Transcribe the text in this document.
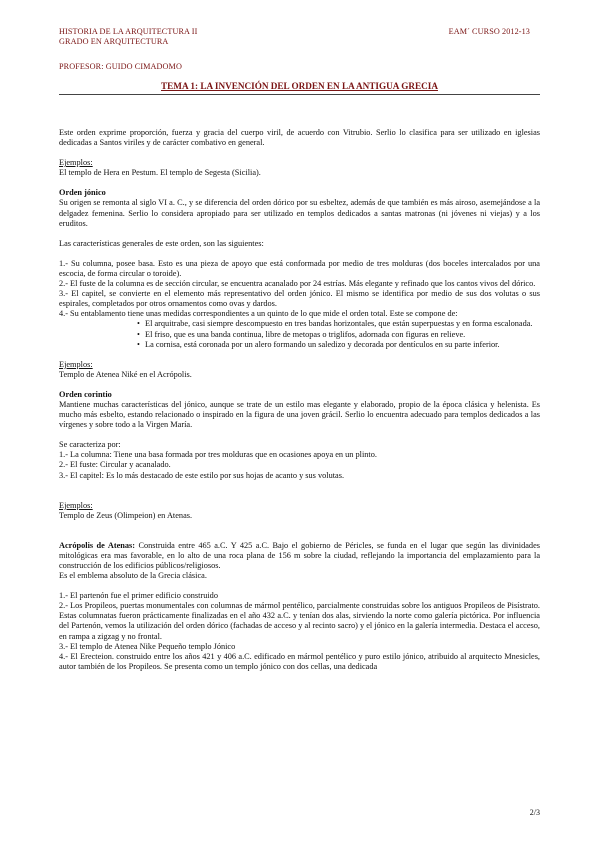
HISTORIA DE LA ARQUITECTURA II
GRADO EN ARQUITECTURA
EAM´ CURSO 2012-13
PROFESOR: GUIDO CIMADOMO
TEMA 1: LA INVENCIÓN DEL ORDEN EN LA ANTIGUA GRECIA

Este orden exprime proporción, fuerza y gracia del cuerpo viril, de acuerdo con Vitrubio. Serlio lo clasifica para ser utilizado en iglesias dedicadas a Santos viriles y de carácter combativo en general.

Ejemplos:

El templo de Hera en Pestum. El templo de Segesta (Sicilia).

Orden jónico

Su origen se remonta al siglo VI a. C., y se diferencia del orden dórico por su esbeltez, además de que también es más airoso, asemejándose a la delgadez femenina. Serlio lo considera apropiado para ser utilizado en templos dedicados a santas matronas (ni jóvenes ni viejas) y a los eruditos.

Las características generales de este orden, son las siguientes:

1.- Su columna, posee basa. Esto es una pieza de apoyo que está conformada por medio de tres molduras (dos boceles intercalados por una escocia, de forma circular o toroide).

2.- El fuste de la columna es de sección circular, se encuentra acanalado por 24 estrías. Más elegante y refinado que los cantos vivos del dórico.

3.- El capitel, se convierte en el elemento más representativo del orden jónico. El mismo se identifica por medio de sus dos volutas o sus espirales, completados por otros ornamentos como ovas y dardos.

4.- Su entablamento tiene unas medidas correspondientes a un quinto de lo que mide el orden total. Este se compone de:

• El arquitrabe, casi siempre descompuesto en tres bandas horizontales, que están superpuestas y en forma escalonada.
• El friso, que es una banda continua, libre de metopas o triglifos, adornada con figuras en relieve.
• La cornisa, está coronada por un alero formando un saledizo y decorada por dentículos en su parte inferior.

Ejemplos:

Templo de Atenea Niké en el Acrópolis.

Orden corintio

Mantiene muchas características del jónico, aunque se trate de un estilo mas elegante y elaborado, propio de la época clásica y helenista. Es mucho más esbelto, estando relacionado o inspirado en la figura de una joven grácil. Serlio lo encuentra adecuado para templos dedicados a las vírgenes y sobre todo a la Virgen María.

Se caracteriza por:

1.- La columna: Tiene una basa formada por tres molduras que en ocasiones apoya en un plinto.

2.- El fuste: Circular y acanalado.

3.- El capitel: Es lo más destacado de este estilo por sus hojas de acanto y sus volutas.

Ejemplos:

Templo de Zeus (Olimpeion) en Atenas.

Acrópolis de Atenas: Construida entre 465 a.C. Y 425 a.C. Bajo el gobierno de Péricles, se funda en el lugar que según las divinidades mitológicas era mas favorable, en lo alto de una roca plana de 156 m sobre la ciudad, reflejando la importancia del emplazamiento para la construcción de los edificios públicos/religiosos.

Es el emblema absoluto de la Grecia clásica.

1.- El partenón fue el primer edificio construido

2.- Los Propileos, puertas monumentales con columnas de mármol pentélico, parcialmente construidas sobre los antiguos Propileos de Pisístrato. Estas columnatas fueron prácticamente finalizadas en el año 432 a.C. y tenían dos alas, sirviendo la norte como galería pictórica. Por influencia del Partenón, vemos la utilización del orden dórico (fachadas de acceso y al recinto sacro) y el jónico en la galería intermedia. Destaca el acceso, en rampa a zigzag y no frontal.

3.- El templo de Atenea Nike Pequeño templo Jónico

4.- El Erecteion. construido entre los años 421 y 406 a.C. edificado en mármol pentélico y puro estilo jónico, atribuido al arquitecto Mnesicles, autor también de los Propileos. Se presenta como un templo jónico con dos cellas, una dedicada

2/3
